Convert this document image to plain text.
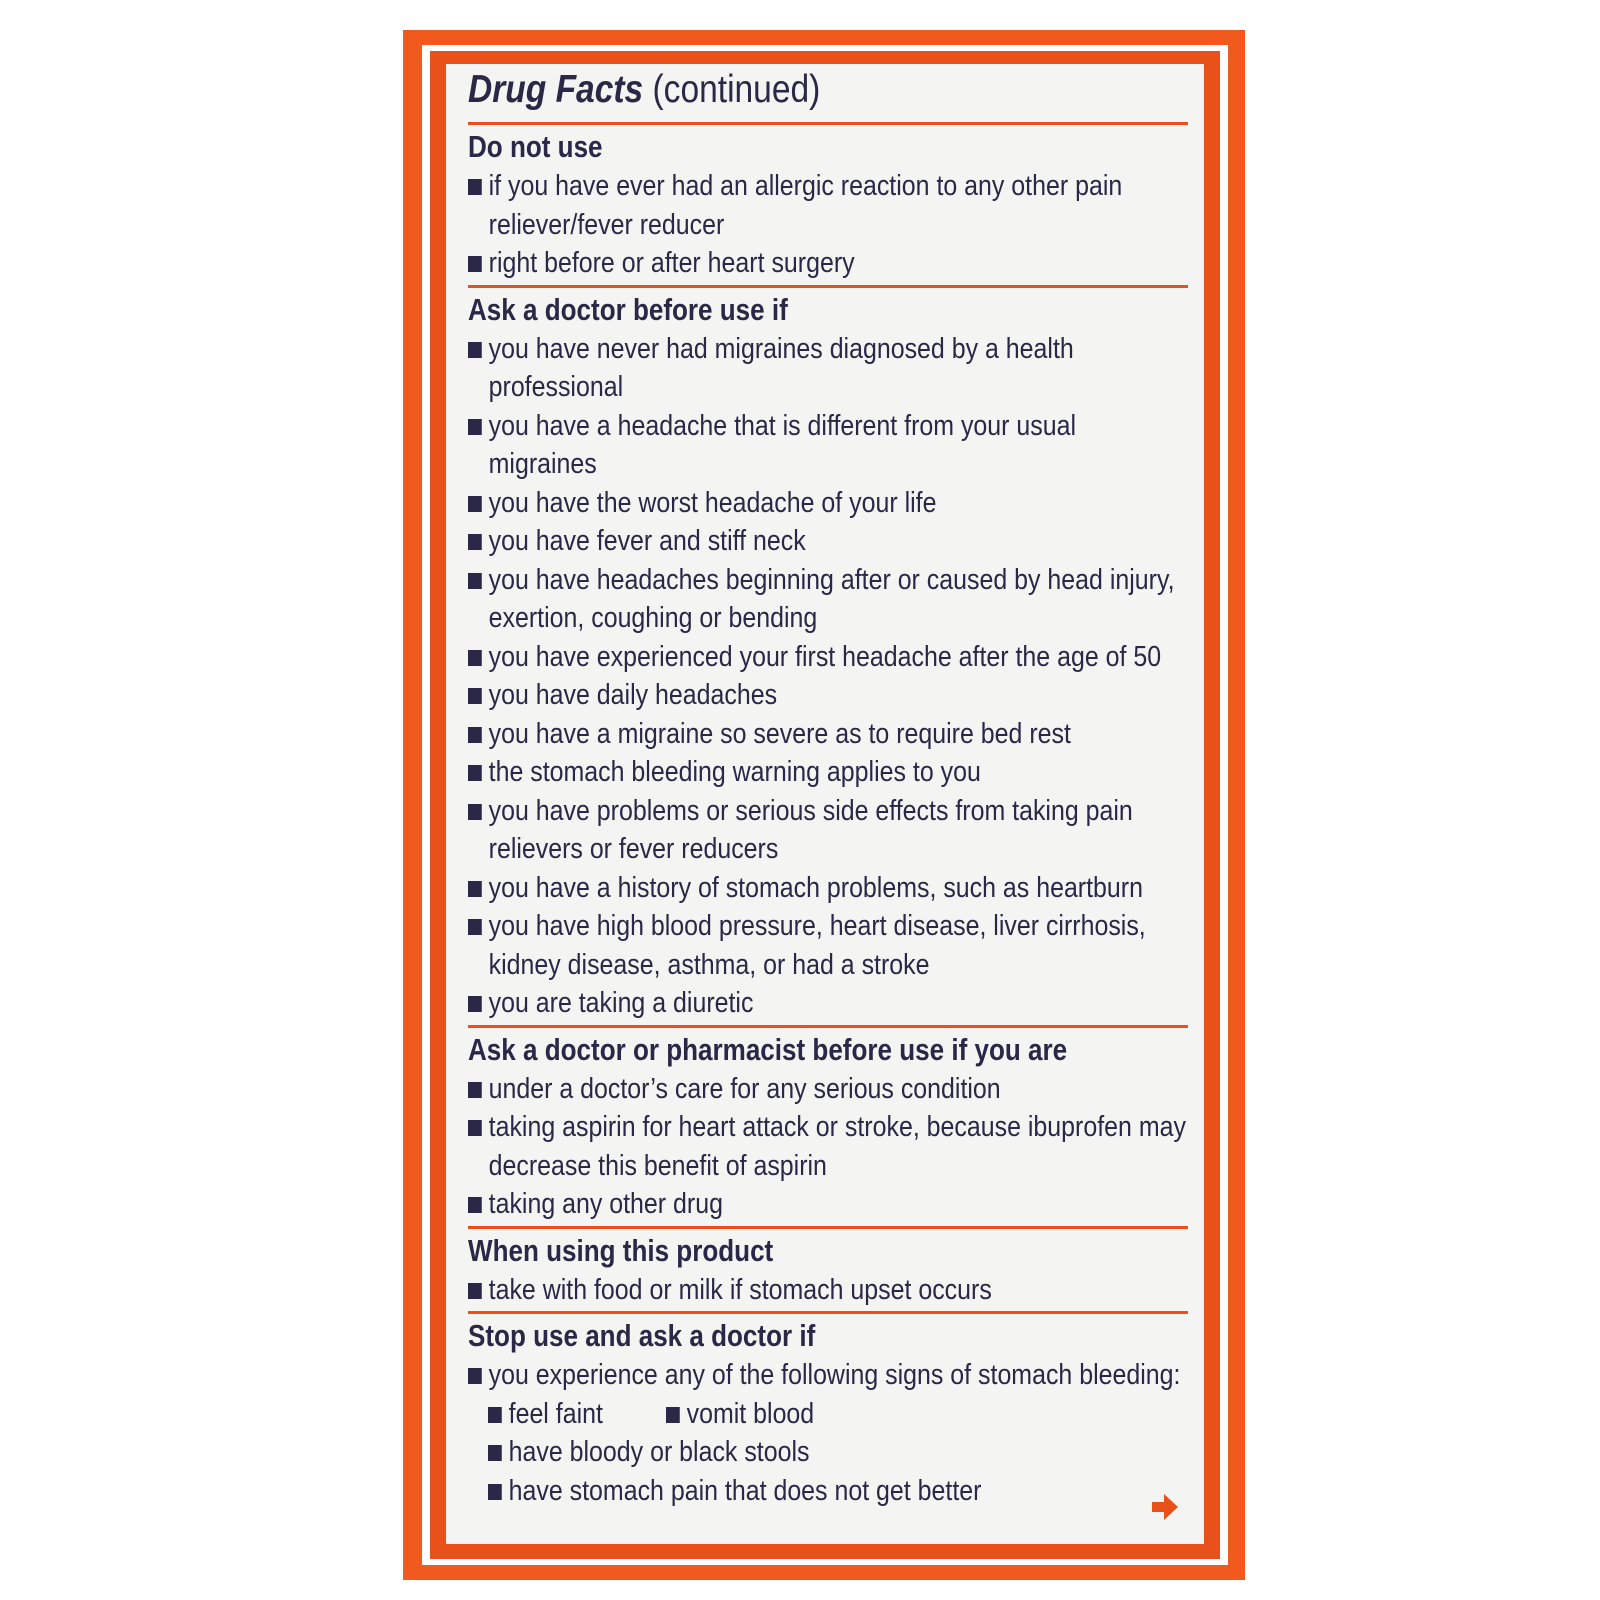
Drug Facts (continued)
Do not use
if you have ever had an allergic reaction to any other pain reliever/fever reducer
right before or after heart surgery
Ask a doctor before use if
you have never had migraines diagnosed by a health professional
you have a headache that is different from your usual migraines
you have the worst headache of your life
you have fever and stiff neck
you have headaches beginning after or caused by head injury, exertion, coughing or bending
you have experienced your first headache after the age of 50
you have daily headaches
you have a migraine so severe as to require bed rest
the stomach bleeding warning applies to you
you have problems or serious side effects from taking pain relievers or fever reducers
you have a history of stomach problems, such as heartburn
you have high blood pressure, heart disease, liver cirrhosis, kidney disease, asthma, or had a stroke
you are taking a diuretic
Ask a doctor or pharmacist before use if you are
under a doctor’s care for any serious condition
taking aspirin for heart attack or stroke, because ibuprofen may decrease this benefit of aspirin
taking any other drug
When using this product
take with food or milk if stomach upset occurs
Stop use and ask a doctor if
you experience any of the following signs of stomach bleeding:
feel faint	vomit blood
have bloody or black stools
have stomach pain that does not get better
